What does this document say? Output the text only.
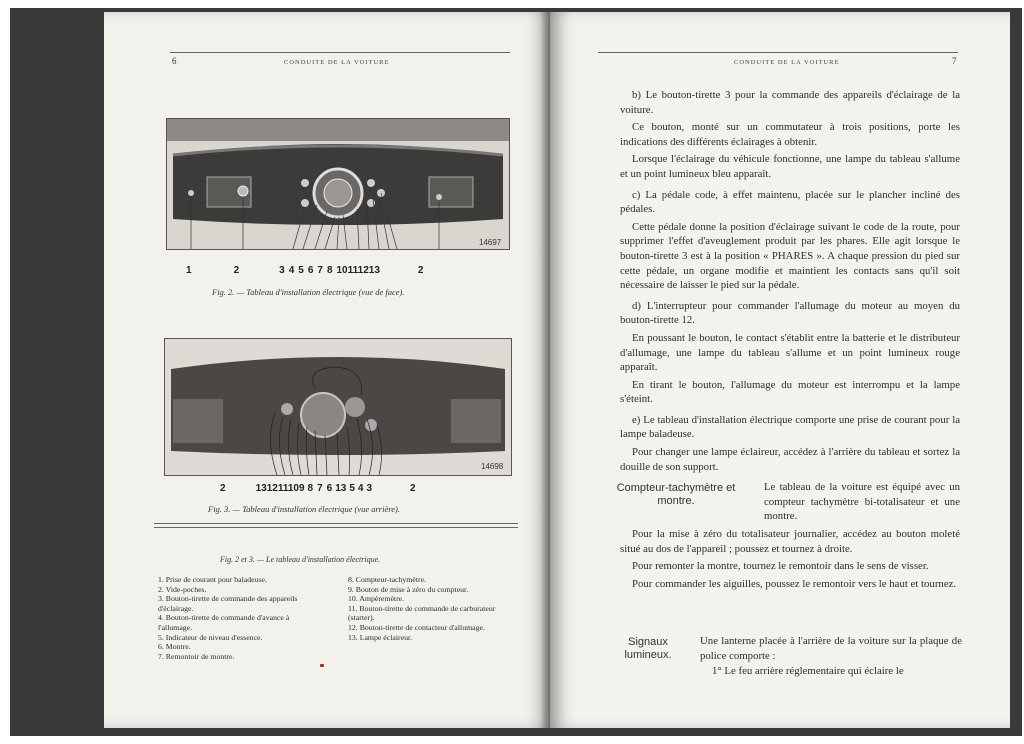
6	CONDUITE DE LA VOITURE
14697
1	2	3 4 5 6 7 8 10111213	2
Fig. 2. — Tableau d'installation électrique (vue de face).
14698
2	131211109 8 7 6 13 5 4 3	2
Fig. 3. — Tableau d'installation électrique (vue arrière).
Fig. 2 et 3. — Le tableau d'installation électrique.
1. Prise de courant pour baladeuse.
2. Vide-poches.
3. Bouton-tirette de commande des appareils d'éclairage.
4. Bouton-tirette de commande d'avance à l'allumage.
5. Indicateur de niveau d'essence.
6. Montre.
7. Remontoir de montre.
8. Compteur-tachymètre.
9. Bouton de mise à zéro du compteur.
10. Ampèremètre.
11. Bouton-tirette de commande de carburateur (starter).
12. Bouton-tirette de contacteur d'allumage.
13. Lampe éclaireur.
CONDUITE DE LA VOITURE	7

b) Le bouton-tirette 3 pour la commande des appareils d'éclairage de la voiture.

Ce bouton, monté sur un commutateur à trois positions, porte les indications des différents éclairages à obtenir.

Lorsque l'éclairage du véhicule fonctionne, une lampe du tableau s'allume et un point lumineux bleu apparaît.

c) La pédale code, à effet maintenu, placée sur le plancher incliné des pédales.

Cette pédale donne la position d'éclairage suivant le code de la route, pour supprimer l'effet d'aveuglement produit par les phares. Elle agit lorsque le bouton-tirette 3 est à la position « PHARES ». A chaque pression du pied sur cette pédale, un organe modifie et maintient les contacts sans qu'il soit nécessaire de laisser le pied sur la pédale.

d) L'interrupteur pour commander l'allumage du moteur au moyen du bouton-tirette 12.

En poussant le bouton, le contact s'établit entre la batterie et le distributeur d'allumage, une lampe du tableau s'allume et un point lumineux rouge apparaît.

En tirant le bouton, l'allumage du moteur est interrompu et la lampe s'éteint.

e) Le tableau d'installation électrique comporte une prise de courant pour la lampe baladeuse.

Pour changer une lampe éclaireur, accédez à l'arrière du tableau et sortez la douille de son support.

Compteur-tachymètre et montre.
Le tableau de la voiture est équipé avec un compteur tachymètre bi-totalisateur et une montre.

Pour la mise à zéro du totalisateur journalier, accédez au bouton moleté situé au dos de l'appareil ; poussez et tournez à droite.

Pour remonter la montre, tournez le remontoir dans le sens de visser.

Pour commander les aiguilles, poussez le remontoir vers le haut et tournez.

Signaux lumineux.
Une lanterne placée à l'arrière de la voiture sur la plaque de police comporte :
1° Le feu arrière réglementaire qui éclaire le
